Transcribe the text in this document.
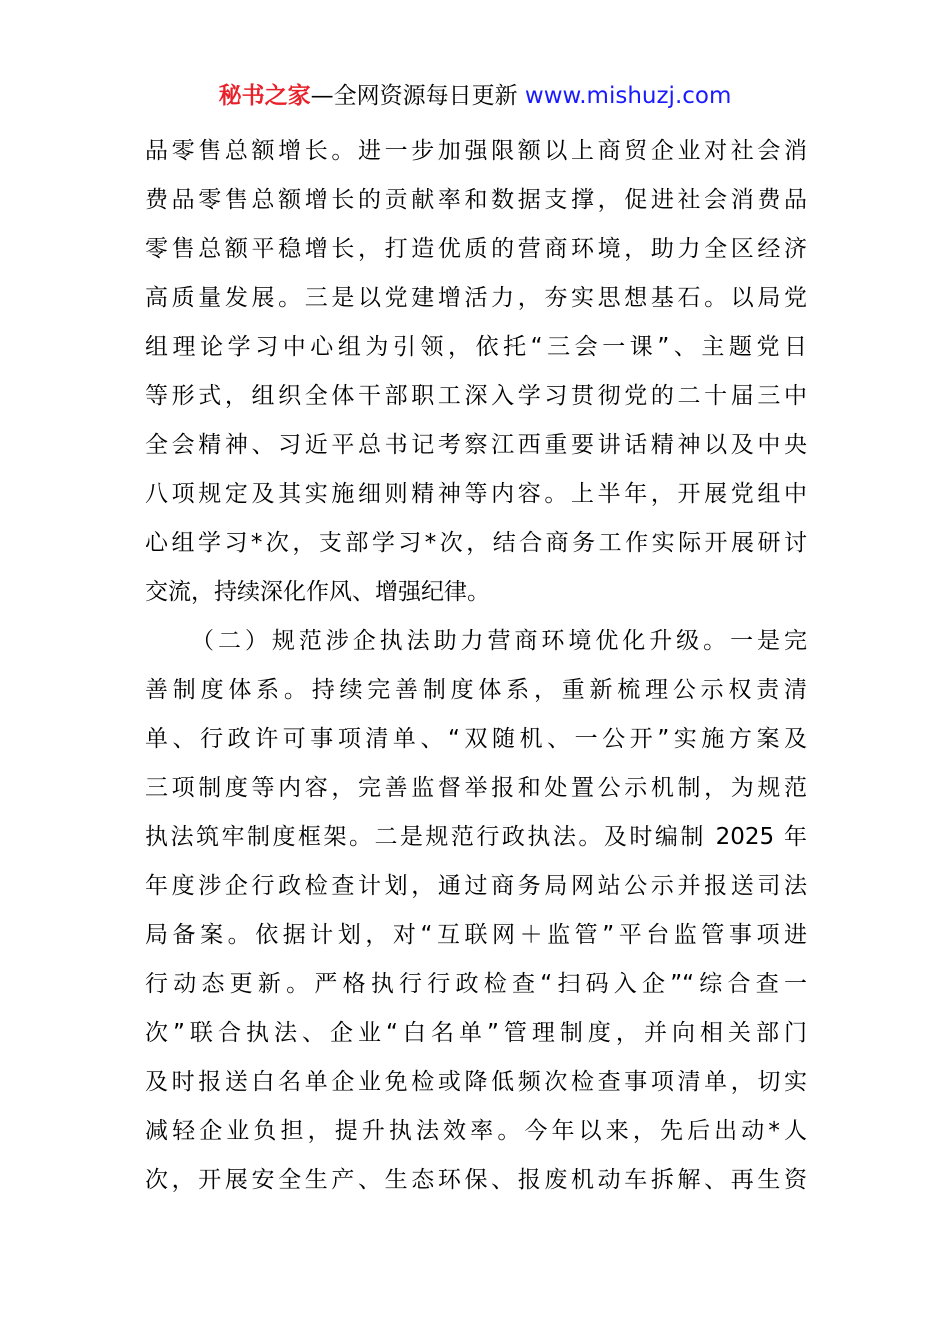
秘书之家—全网资源每日更新 www.mishuzj.com
品零售总额增长。进一步加强限额以上商贸企业对社会消
费品零售总额增长的贡献率和数据支撑，促进社会消费品
零售总额平稳增长，打造优质的营商环境，助力全区经济
高质量发展。三是以党建增活力，夯实思想基石。以局党
组理论学习中心组为引领，依托“三会一课”、主题党日
等形式，组织全体干部职工深入学习贯彻党的二十届三中
全会精神、习近平总书记考察江西重要讲话精神以及中央
八项规定及其实施细则精神等内容。上半年，开展党组中
心组学习*次，支部学习*次，结合商务工作实际开展研讨
交流，持续深化作风、增强纪律。
（二）规范涉企执法助力营商环境优化升级。一是完
善制度体系。持续完善制度体系，重新梳理公示权责清
单、行政许可事项清单、“双随机、一公开”实施方案及
三项制度等内容，完善监督举报和处置公示机制，为规范
执法筑牢制度框架。二是规范行政执法。及时编制 2025 年
年度涉企行政检查计划，通过商务局网站公示并报送司法
局备案。依据计划，对“互联网＋监管”平台监管事项进
行动态更新。严格执行行政检查“扫码入企”“综合查一
次”联合执法、企业“白名单”管理制度，并向相关部门
及时报送白名单企业免检或降低频次检查事项清单，切实
减轻企业负担，提升执法效率。今年以来，先后出动*人
次，开展安全生产、生态环保、报废机动车拆解、再生资
